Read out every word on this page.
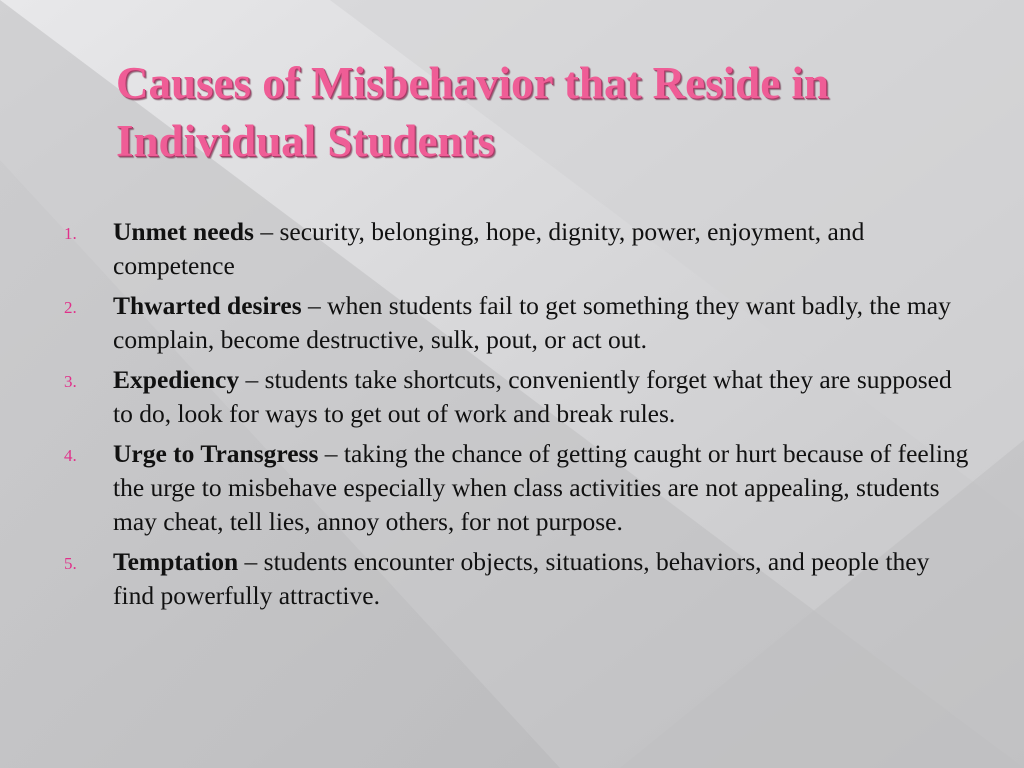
Causes of Misbehavior that Reside in Individual Students
1. Unmet needs – security, belonging, hope, dignity, power, enjoyment, and competence
2. Thwarted desires – when students fail to get something they want badly, the may complain, become destructive, sulk, pout, or act out.
3. Expediency – students take shortcuts, conveniently forget what they are supposed to do, look for ways to get out of work and break rules.
4. Urge to Transgress – taking the chance of getting caught or hurt because of feeling the urge to misbehave especially when class activities are not appealing, students may cheat, tell lies, annoy others, for not purpose.
5. Temptation – students encounter objects, situations, behaviors, and people they find powerfully attractive.
